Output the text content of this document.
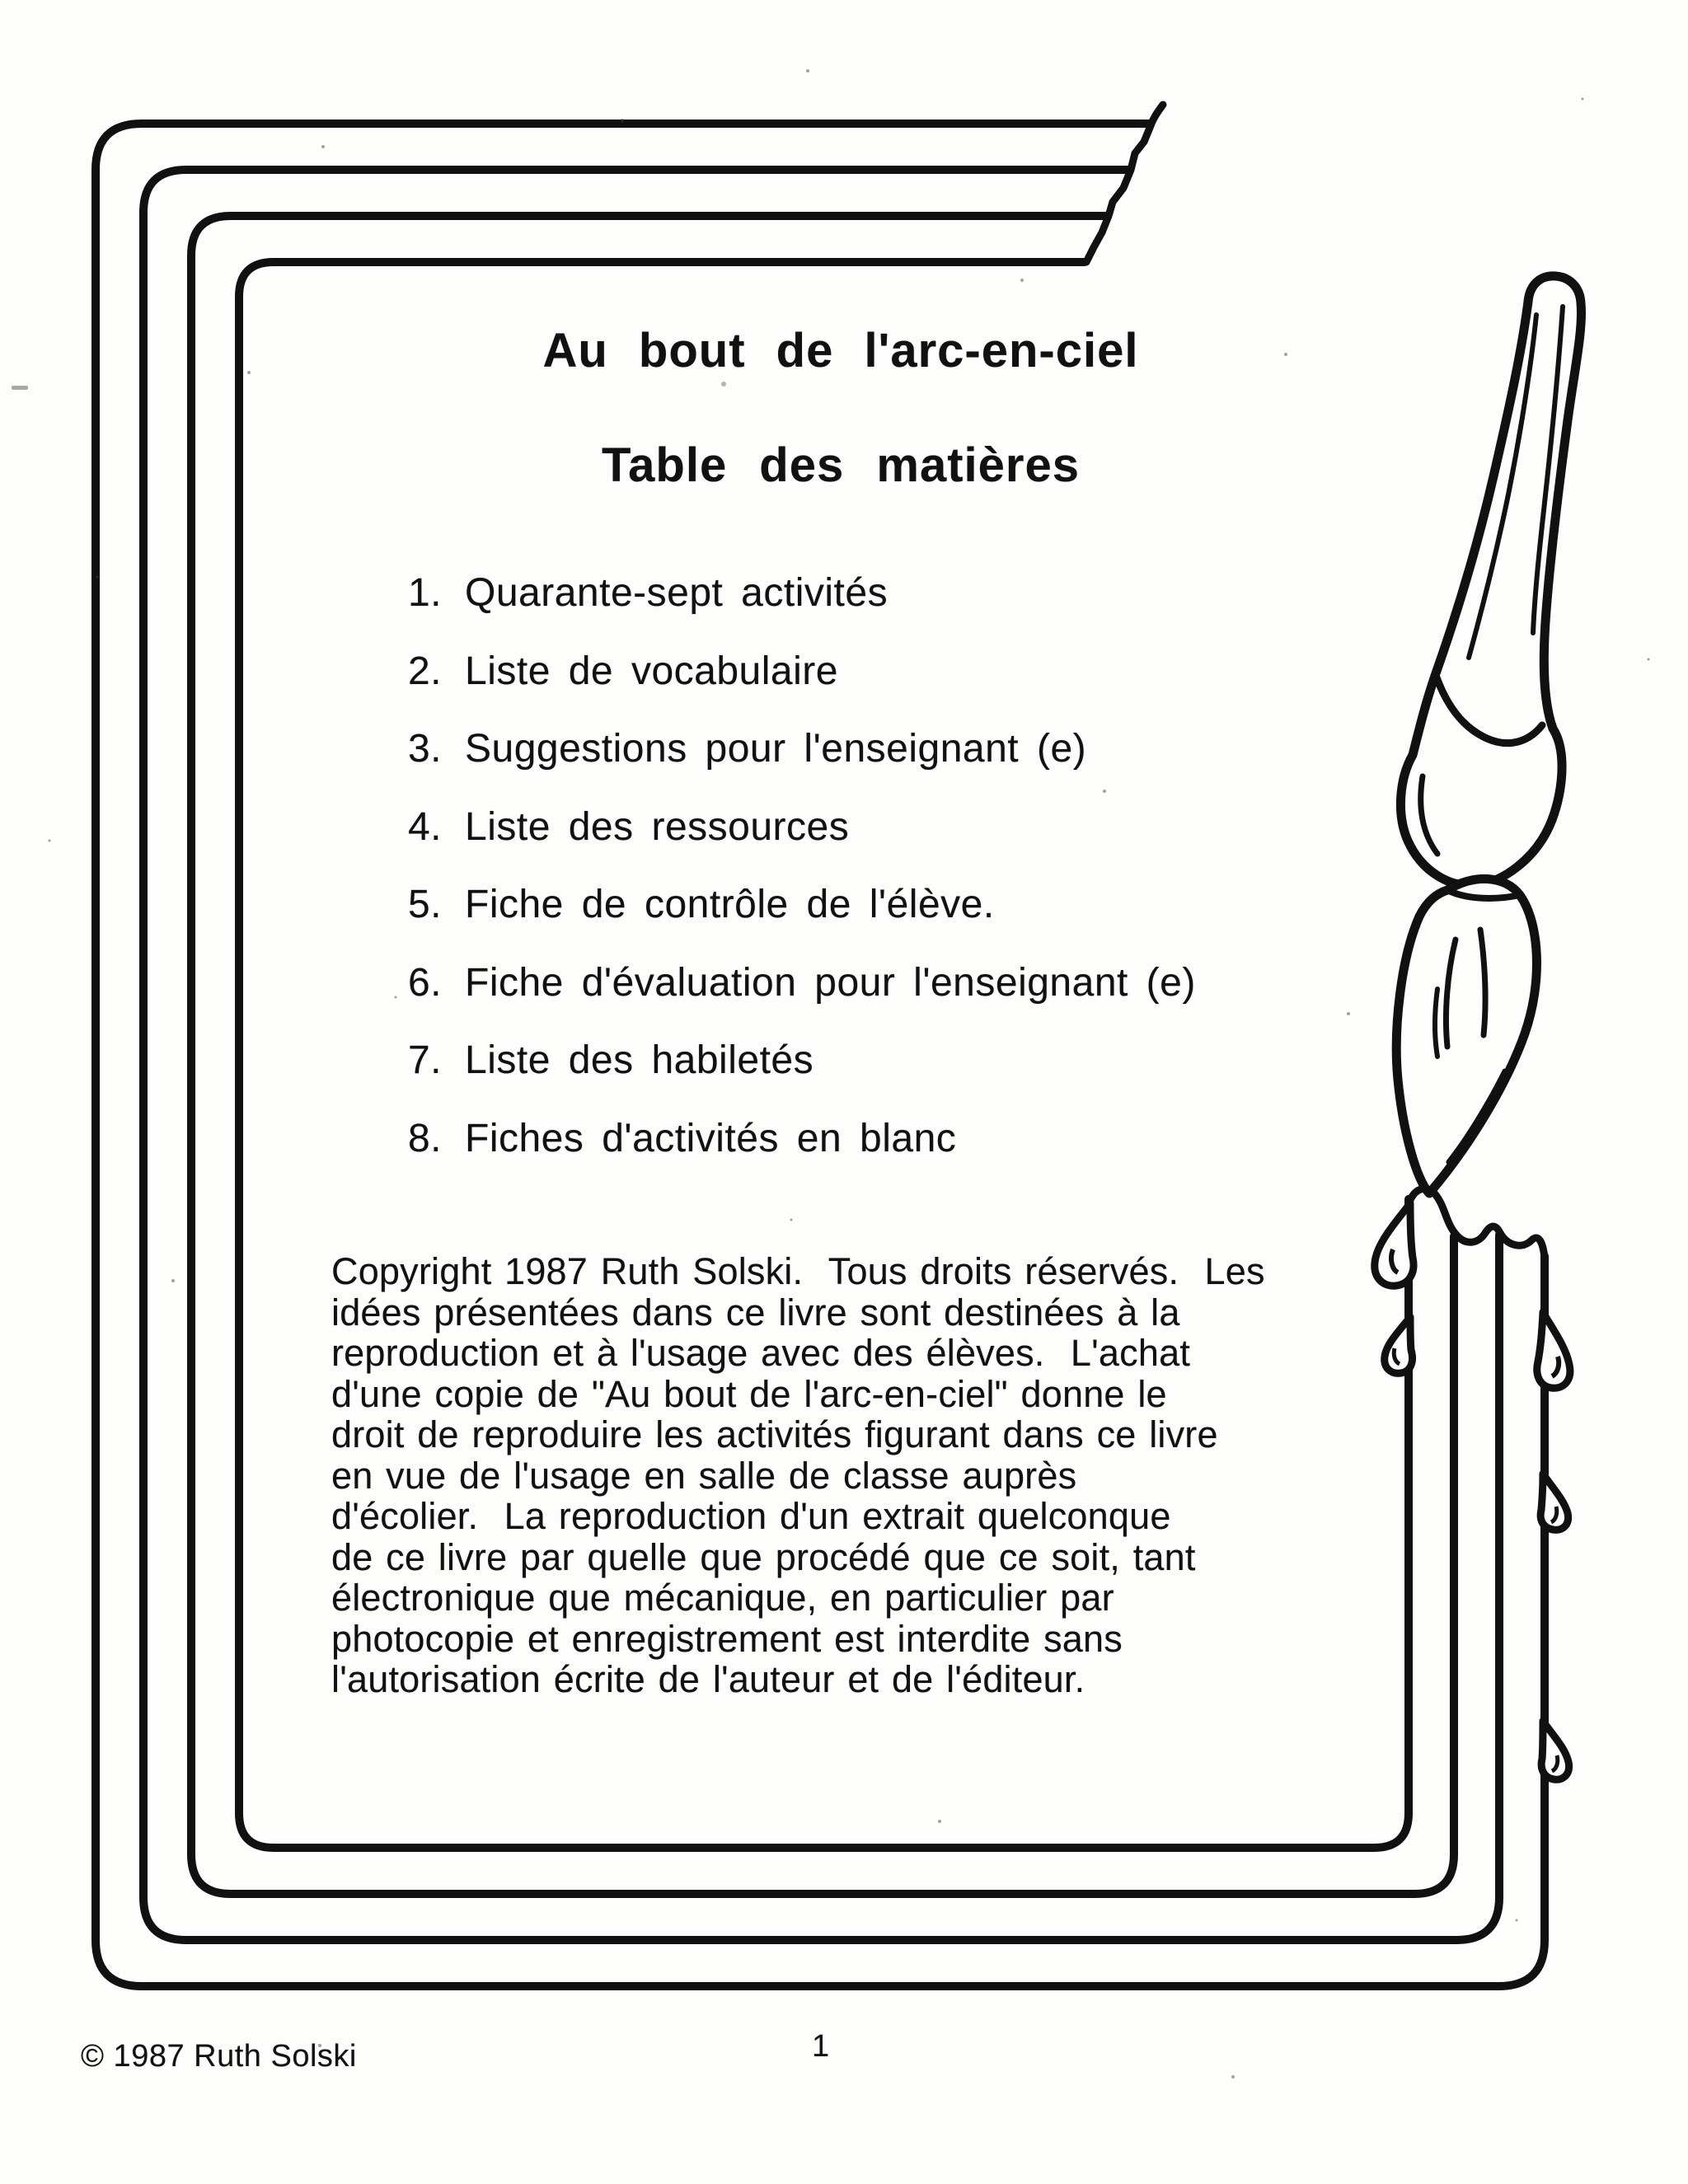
Au bout de l'arc-en-ciel
Table des matières
1. Quarante-sept activités
2. Liste de vocabulaire
3. Suggestions pour l'enseignant (e)
4. Liste des ressources
5. Fiche de contrôle de l'élève.
6. Fiche d'évaluation pour l'enseignant (e)
7. Liste des habiletés
8. Fiches d'activités en blanc
Copyright 1987 Ruth Solski.  Tous droits réservés.  Les
idées présentées dans ce livre sont destinées à la
reproduction et à l'usage avec des élèves.  L'achat
d'une copie de "Au bout de l'arc-en-ciel" donne le
droit de reproduire les activités figurant dans ce livre
en vue de l'usage en salle de classe auprès
d'écolier.  La reproduction d'un extrait quelconque
de ce livre par quelle que procédé que ce soit, tant
électronique que mécanique, en particulier par
photocopie et enregistrement est interdite sans
l'autorisation écrite de l'auteur et de l'éditeur.
© 1987 Ruth Solski	1
